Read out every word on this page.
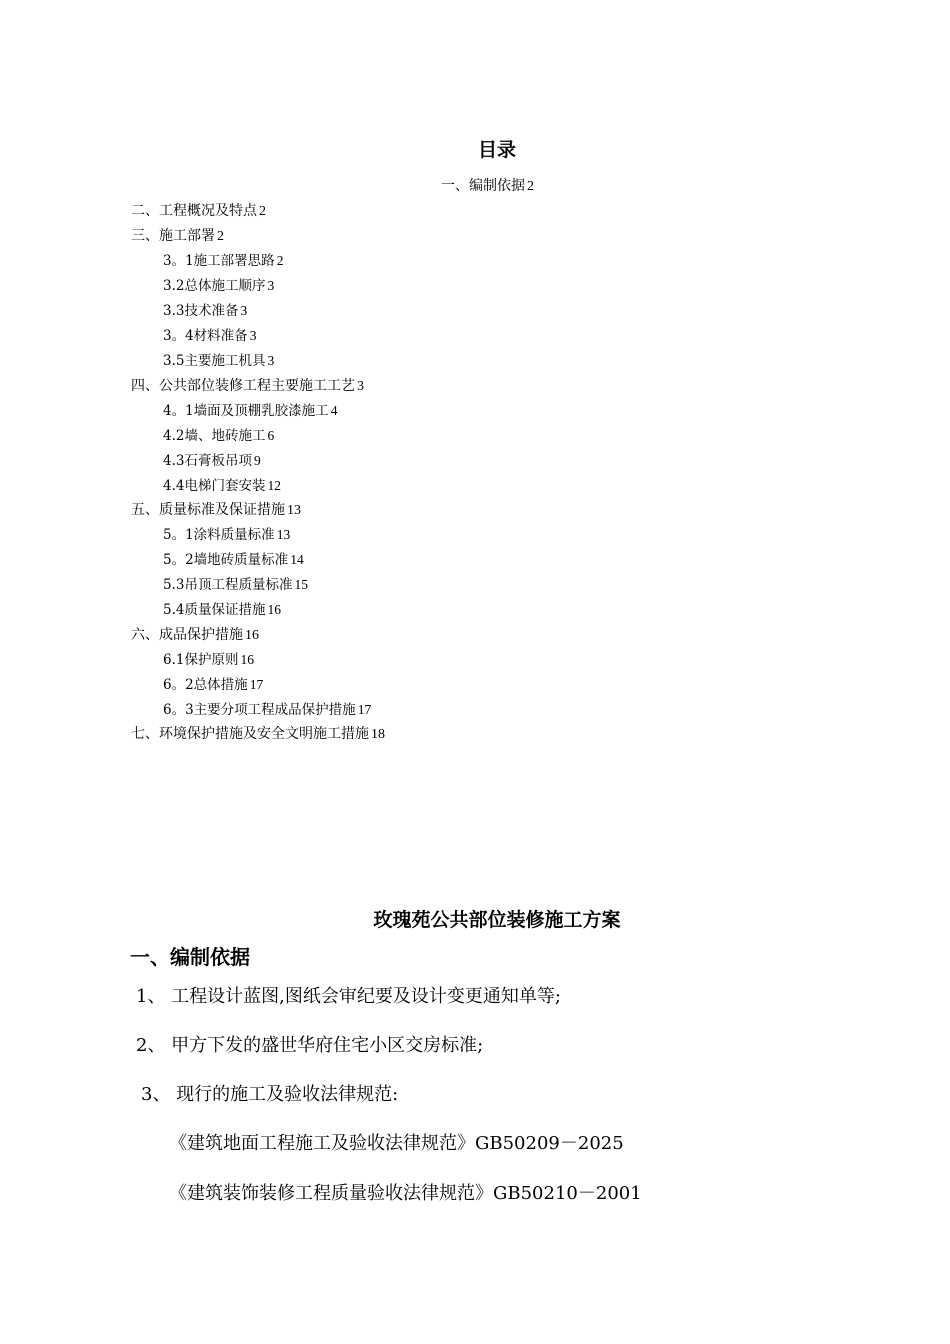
目录
一、编制依据 2
二、工程概况及特点 2
三、施工部署 2
3。1施工部署思路 2
3.2总体施工顺序 3
3.3技术准备 3
3。4材料准备 3
3.5主要施工机具 3
四、公共部位装修工程主要施工工艺 3
4。1墙面及顶棚乳胶漆施工 4
4.2墙、地砖施工 6
4.3石膏板吊项 9
4.4电梯门套安装 12
五、质量标准及保证措施 13
5。1涂料质量标准 13
5。2墙地砖质量标准 14
5.3吊顶工程质量标准 15
5.4质量保证措施 16
六、成品保护措施 16
6.1保护原则 16
6。2总体措施 17
6。3主要分项工程成品保护措施 17
七、环境保护措施及安全文明施工措施 18
玫瑰苑公共部位装修施工方案
一、编制依据
1、 工程设计蓝图,图纸会审纪要及设计变更通知单等;
2、 甲方下发的盛世华府住宅小区交房标准;
3、 现行的施工及验收法律规范:
《建筑地面工程施工及验收法律规范》GB50209－2025
《建筑装饰装修工程质量验收法律规范》GB50210－2001
